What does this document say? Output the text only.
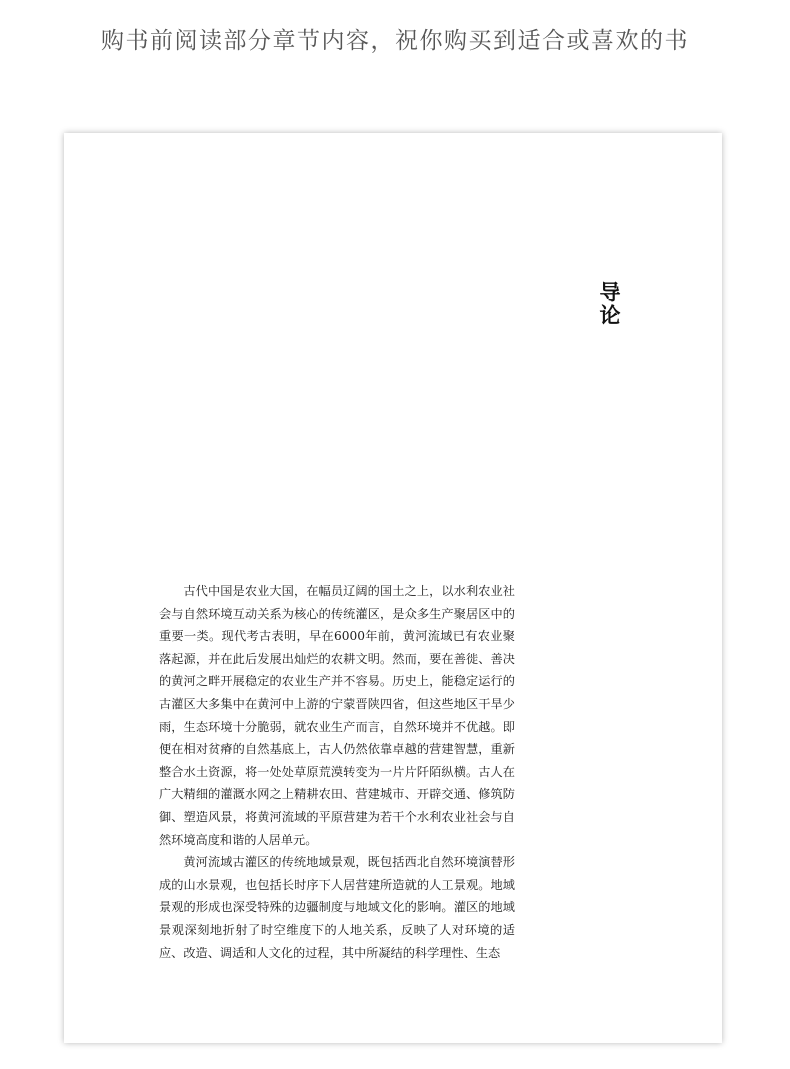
购书前阅读部分章节内容，祝你购买到适合或喜欢的书
导论

古代中国是农业大国，在幅员辽阔的国土之上，以水利农业社会与自然环境互动关系为核心的传统灌区，是众多生产聚居区中的重要一类。现代考古表明，早在6000年前，黄河流域已有农业聚落起源，并在此后发展出灿烂的农耕文明。然而，要在善徙、善决的黄河之畔开展稳定的农业生产并不容易。历史上，能稳定运行的古灌区大多集中在黄河中上游的宁蒙晋陕四省，但这些地区干旱少雨，生态环境十分脆弱，就农业生产而言，自然环境并不优越。即便在相对贫瘠的自然基底上，古人仍然依靠卓越的营建智慧，重新整合水土资源，将一处处草原荒漠转变为一片片阡陌纵横。古人在广大精细的灌溉水网之上精耕农田、营建城市、开辟交通、修筑防御、塑造风景，将黄河流域的平原营建为若干个水利农业社会与自然环境高度和谐的人居单元。

黄河流域古灌区的传统地域景观，既包括西北自然环境演替形成的山水景观，也包括长时序下人居营建所造就的人工景观。地域景观的形成也深受特殊的边疆制度与地域文化的影响。灌区的地域景观深刻地折射了时空维度下的人地关系，反映了人对环境的适应、改造、调适和人文化的过程，其中所凝结的科学理性、生态
